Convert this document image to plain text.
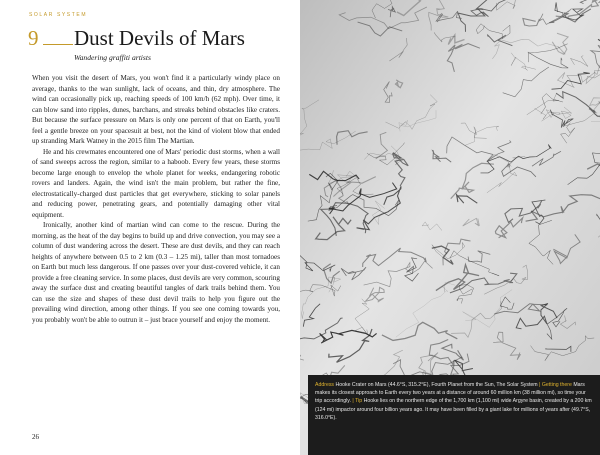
SOLAR SYSTEM
9 Dust Devils of Mars
Wandering graffiti artists

When you visit the desert of Mars, you won't find it a particularly windy place on average, thanks to the wan sunlight, lack of oceans, and thin, dry atmosphere. The wind can occasionally pick up, reaching speeds of 100 km/h (62 mph). Over time, it can blow sand into ripples, dunes, barchans, and streaks behind obstacles like craters. But because the surface pressure on Mars is only one percent of that on Earth, you'll feel a gentle breeze on your spacesuit at best, not the kind of violent blow that ended up stranding Mark Watney in the 2015 film The Martian.

He and his crewmates encountered one of Mars' periodic dust storms, when a wall of sand sweeps across the region, similar to a haboob. Every few years, these storms become large enough to envelop the whole planet for weeks, endangering robotic rovers and landers. Again, the wind isn't the main problem, but rather the fine, electrostatically-charged dust particles that get everywhere, sticking to solar panels and reducing power, penetrating gears, and potentially damaging other vital equipment.

Ironically, another kind of martian wind can come to the rescue. During the morning, as the heat of the day begins to build up and drive convection, you may see a column of dust wandering across the desert. These are dust devils, and they can reach heights of anywhere between 0.5 to 2 km (0.3 – 1.25 mi), taller than most tornadoes on Earth but much less dangerous. If one passes over your dust-covered vehicle, it can provide a free cleaning service. In some places, dust devils are very common, scouring away the surface dust and creating beautiful tangles of dark trails behind them. You can use the size and shapes of these dust devil trails to help you figure out the prevailing wind direction, among other things. If you see one coming towards you, you probably won't be able to outrun it – just brace yourself and enjoy the moment.

26
Address Hooke Crater on Mars (44.6°S, 315.2°E), Fourth Planet from the Sun, The Solar System | Getting there Mars makes its closest approach to Earth every two years at a distance of around 60 million km (38 million mi), so time your trip accordingly. | Tip Hooke lies on the northern edge of the 1,700 km (1,100 mi) wide Argyre basin, created by a 200 km (124 mi) impactor around four billion years ago. It may have been filled by a giant lake for millions of years after (49.7°S, 316.0°E).
